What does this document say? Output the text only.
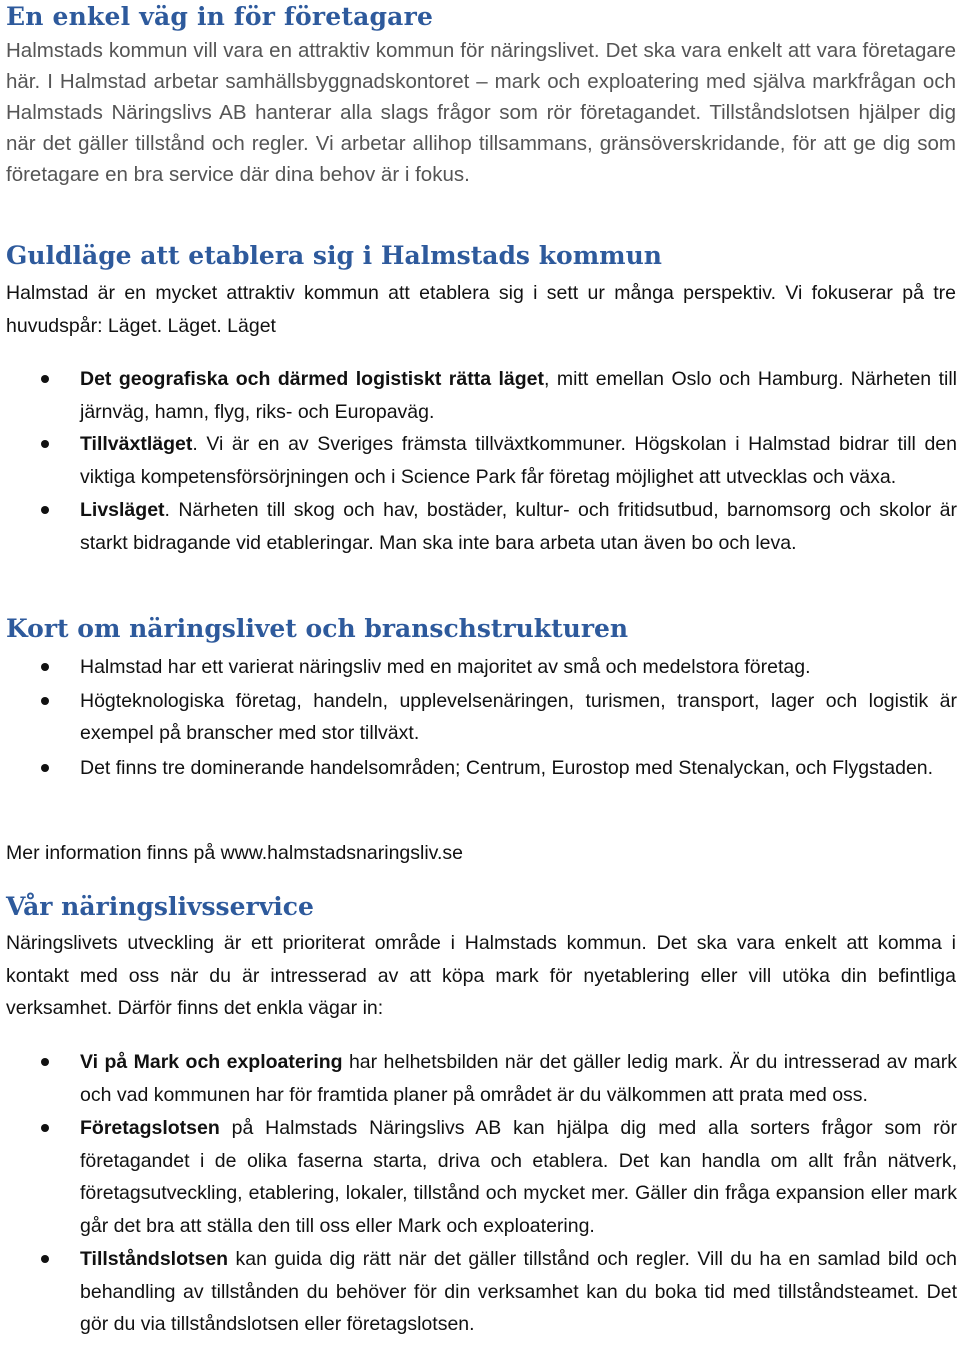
En enkel väg in för företagare

Halmstads kommun vill vara en attraktiv kommun för näringslivet. Det ska vara enkelt att vara företagare här. I Halmstad arbetar samhällsbyggnadskontoret – mark och exploatering med själva markfrågan och Halmstads Näringslivs AB hanterar alla slags frågor som rör företagandet. Tillståndslotsen hjälper dig när det gäller tillstånd och regler. Vi arbetar allihop tillsammans, gränsöverskridande, för att ge dig som företagare en bra service där dina behov är i fokus.

Guldläge att etablera sig i Halmstads kommun

Halmstad är en mycket attraktiv kommun att etablera sig i sett ur många perspektiv. Vi fokuserar på tre huvudspår: Läget. Läget. Läget

Det geografiska och därmed logistiskt rätta läget, mitt emellan Oslo och Hamburg. Närheten till järnväg, hamn, flyg, riks- och Europaväg.
Tillväxtläget. Vi är en av Sveriges främsta tillväxtkommuner. Högskolan i Halmstad bidrar till den viktiga kompetensförsörjningen och i Science Park får företag möjlighet att utvecklas och växa.
Livsläget. Närheten till skog och hav, bostäder, kultur- och fritidsutbud, barnomsorg och skolor är starkt bidragande vid etableringar. Man ska inte bara arbeta utan även bo och leva.
Kort om näringslivet och branschstrukturen
Halmstad har ett varierat näringsliv med en majoritet av små och medelstora företag.
Högteknologiska företag, handeln, upplevelsenäringen, turismen, transport, lager och logistik är exempel på branscher med stor tillväxt.
Det finns tre dominerande handelsområden; Centrum, Eurostop med Stenalyckan, och Flygstaden.

Mer information finns på www.halmstadsnaringsliv.se

Vår näringslivsservice

Näringslivets utveckling är ett prioriterat område i Halmstads kommun. Det ska vara enkelt att komma i kontakt med oss när du är intresserad av att köpa mark för nyetablering eller vill utöka din befintliga verksamhet. Därför finns det enkla vägar in:

Vi på Mark och exploatering har helhetsbilden när det gäller ledig mark. Är du intresserad av mark och vad kommunen har för framtida planer på området är du välkommen att prata med oss.
Företagslotsen på Halmstads Näringslivs AB kan hjälpa dig med alla sorters frågor som rör företagandet i de olika faserna starta, driva och etablera. Det kan handla om allt från nätverk, företagsutveckling, etablering, lokaler, tillstånd och mycket mer. Gäller din fråga expansion eller mark går det bra att ställa den till oss eller Mark och exploatering.
Tillståndslotsen kan guida dig rätt när det gäller tillstånd och regler. Vill du ha en samlad bild och behandling av tillstånden du behöver för din verksamhet kan du boka tid med tillståndsteamet. Det gör du via tillståndslotsen eller företagslotsen.
